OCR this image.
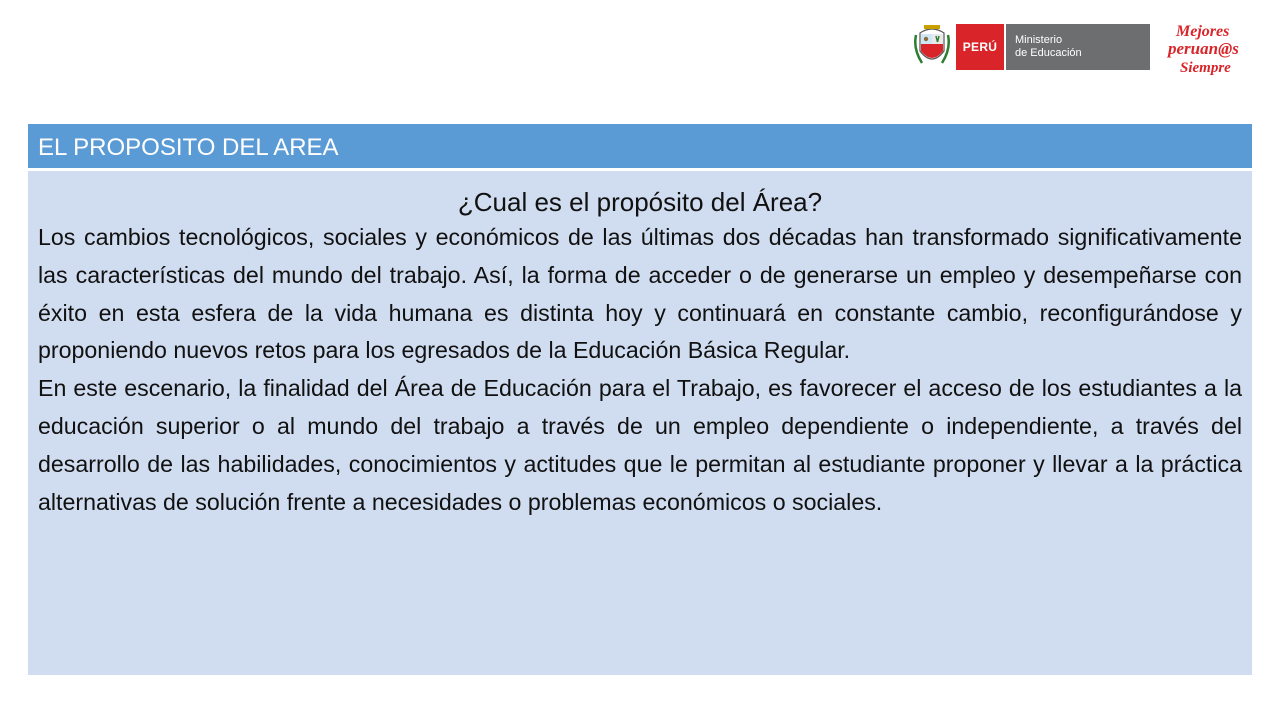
PERÚ	Ministerio
de Educación
Mejores
peruan@s
Siempre
EL PROPOSITO DEL AREA
¿Cual es el propósito del Área?

Los cambios tecnológicos, sociales y económicos de las últimas dos décadas han transformado significativamente las características del mundo del trabajo. Así, la forma de acceder o de generarse un empleo y desempeñarse con éxito en esta esfera de la vida humana es distinta hoy y continuará en constante cambio, reconfigurándose y proponiendo nuevos retos para los egresados de la Educación Básica Regular.

En este escenario, la finalidad del Área de Educación para el Trabajo, es favorecer el acceso de los estudiantes a la educación superior o al mundo del trabajo a través de un empleo dependiente o independiente, a través del desarrollo de las habilidades, conocimientos y actitudes que le permitan al estudiante proponer y llevar a la práctica alternativas de solución frente a necesidades o problemas económicos o sociales.
